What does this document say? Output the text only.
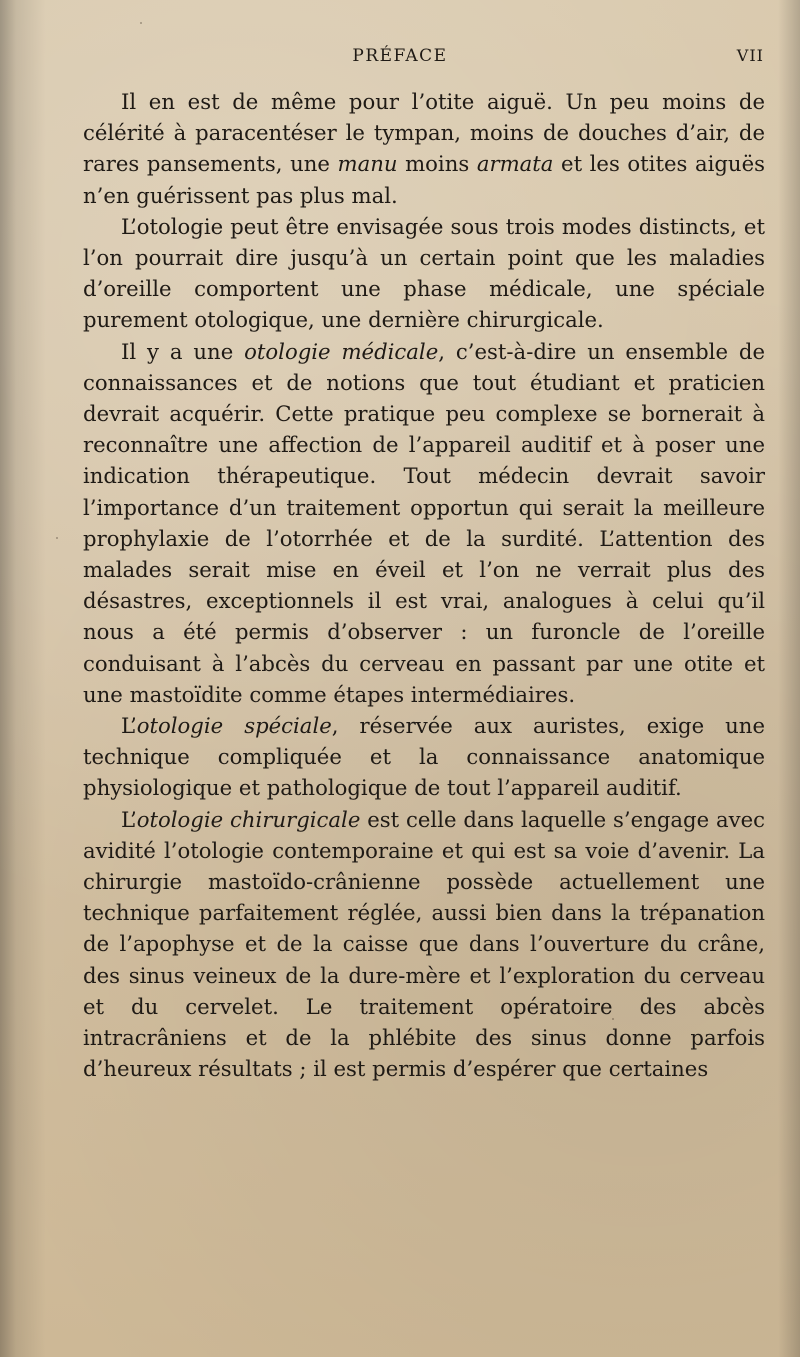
PRÉFACE	VII

Il en est de même pour l’otite aiguë. Un peu moins de célérité à paracentéser le tympan, moins de douches d’air, de rares pansements, une manu moins armata et les otites aiguës n’en guérissent pas plus mal.

L’otologie peut être envisagée sous trois modes distincts, et l’on pourrait dire jusqu’à un certain point que les maladies d’oreille comportent une phase médicale, une spéciale purement otologique, une dernière chirurgicale.

Il y a une otologie médicale, c’est-à-dire un ensemble de connaissances et de notions que tout étudiant et praticien devrait acquérir. Cette pratique peu complexe se bornerait à reconnaître une affection de l’appareil auditif et à poser une indication thérapeutique. Tout médecin devrait savoir l’importance d’un traitement opportun qui serait la meilleure prophylaxie de l’otorrhée et de la surdité. L’attention des malades serait mise en éveil et l’on ne verrait plus des désastres, exceptionnels il est vrai, analogues à celui qu’il nous a été permis d’observer : un furoncle de l’oreille conduisant à l’abcès du cerveau en passant par une otite et une mastoïdite comme étapes intermédiaires.

L’otologie spéciale, réservée aux auristes, exige une technique compliquée et la connaissance anatomique physiologique et pathologique de tout l’appareil auditif.

L’otologie chirurgicale est celle dans laquelle s’engage avec avidité l’otologie contemporaine et qui est sa voie d’avenir. La chirurgie mastoïdo-crânienne possède actuellement une technique parfaitement réglée, aussi bien dans la trépanation de l’apophyse et de la caisse que dans l’ouverture du crâne, des sinus veineux de la dure-mère et l’exploration du cerveau et du cervelet. Le traitement opératoire des abcès intracrâniens et de la phlébite des sinus donne parfois d’heureux résultats ; il est permis d’espérer que certaines
